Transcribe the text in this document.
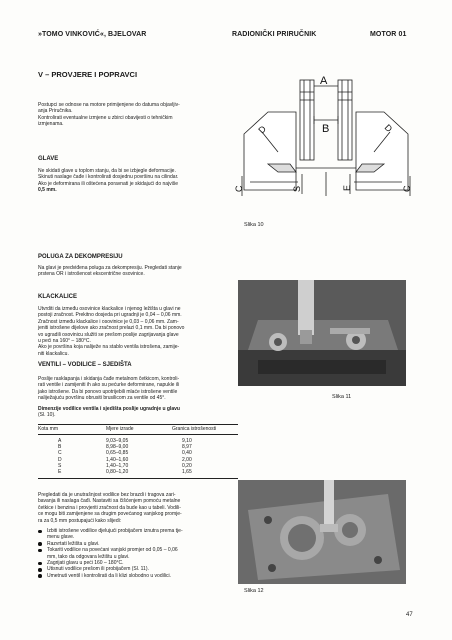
»TOMO VINKOVIĆ«, BJELOVAR	RADIONIČKI PRIRUČNIK	MOTOR 01
V – PROVJERE I POPRAVCI
Postupci se odnose na motore primijenjene do datuma objavljiv-
anja Priručnika.
Kontrolirati eventualne izmjene u zbirci obavijesti o tehničkim
izmjenama.
GLAVE
Ne skidati glave u toplom stanju, da bi se izbjegle deformacije.
Skinuti naslage čađe i kontrolirati dosjednu površinu na cilindar.
Ako je deformirana ili oštećena poravnati je skidajući do najviše
0,5 mm.
A
B
D	D
C	C
S	E
Slika 10
POLUGA ZA DEKOMPRESIJU
Na glavi je predviđena poluga za dekompresiju. Pregledati stanje
prstena OR i istrošenost ekscentrične osovinice.
KLACKALICE
Utvrditi da između osovinice klackalice i njenog ležišta u glavi ne
postoji zračnost. Prekitno dosjeda pri ugradnji je 0,04 – 0,06 mm.
Zračnost između klackalice i osovinice je 0,03 – 0,06 mm. Zam-
jeniti istrošene dijelove ako zračnost prelazi 0,1 mm. Da bi ponovo
vo ugradili osovinicu služiti se prešom poslije zagrijavanja glave
u peći na 160° – 180°C.
Ako je površina koja naliježe na stablo ventila istrošena, zamije-
niti klackalicu.
Slika 11
VENTILI – VODILICE – SJEDIŠTA
Poslije rasklapanja i skidanja čađe metalnom četkicom, kontroli-
rati ventile i zamijeniti ih ako su pećurke deformirane, napukle ili
jako istrošene. Da bi ponovo upotrijebili mlaće istrošene ventile
naliježajuću površinu obrusiti brusilicom za ventile od 45°.
Dimenzije vodilice ventila i sjedišta poslije ugradnje u glavu
(Sl. 10).
Kota mm	Mjere izrade	Granica istrošenosti
A	9,03–9,05	9,10
B	8,98–9,00	8,97
C	0,65–0,85	0,40
D	1,40–1,60	2,00
S	1,40–1,70	0,20
E	0,80–1,20	1,65
Pregledati da je unutrašnjost vodilice bez brazdi i tragova zari-
bavanja ili naslaga čađi. Nastaviti sa čišćenjem pomoću metalne
četkice i benzina i provjeriti zračnost da bude kao u tabeli. Vodili-
ce mogu biti zamijenjene sa drugim povećanog vanjskog promje-
ra za 0,5 mm postupajući kako slijedi:
Izbiti istrošene vodilice djelujući probijačem iznutra prema tje-
menu glave.
Razvrtati ležišta u glavi.
Tokariti vodilice na povećani vanjski promjer od 0,05 – 0,06
mm, tako da odgovara ležištu u glavi.
Zagrijati glavu u peći 160 – 180°C.
Utisnuti vodilice prešom ili probijačem (Sl. 11).
Umetnuti ventil i kontrolirati da li klizi slobodno u vodilici.
Slika 12
47
